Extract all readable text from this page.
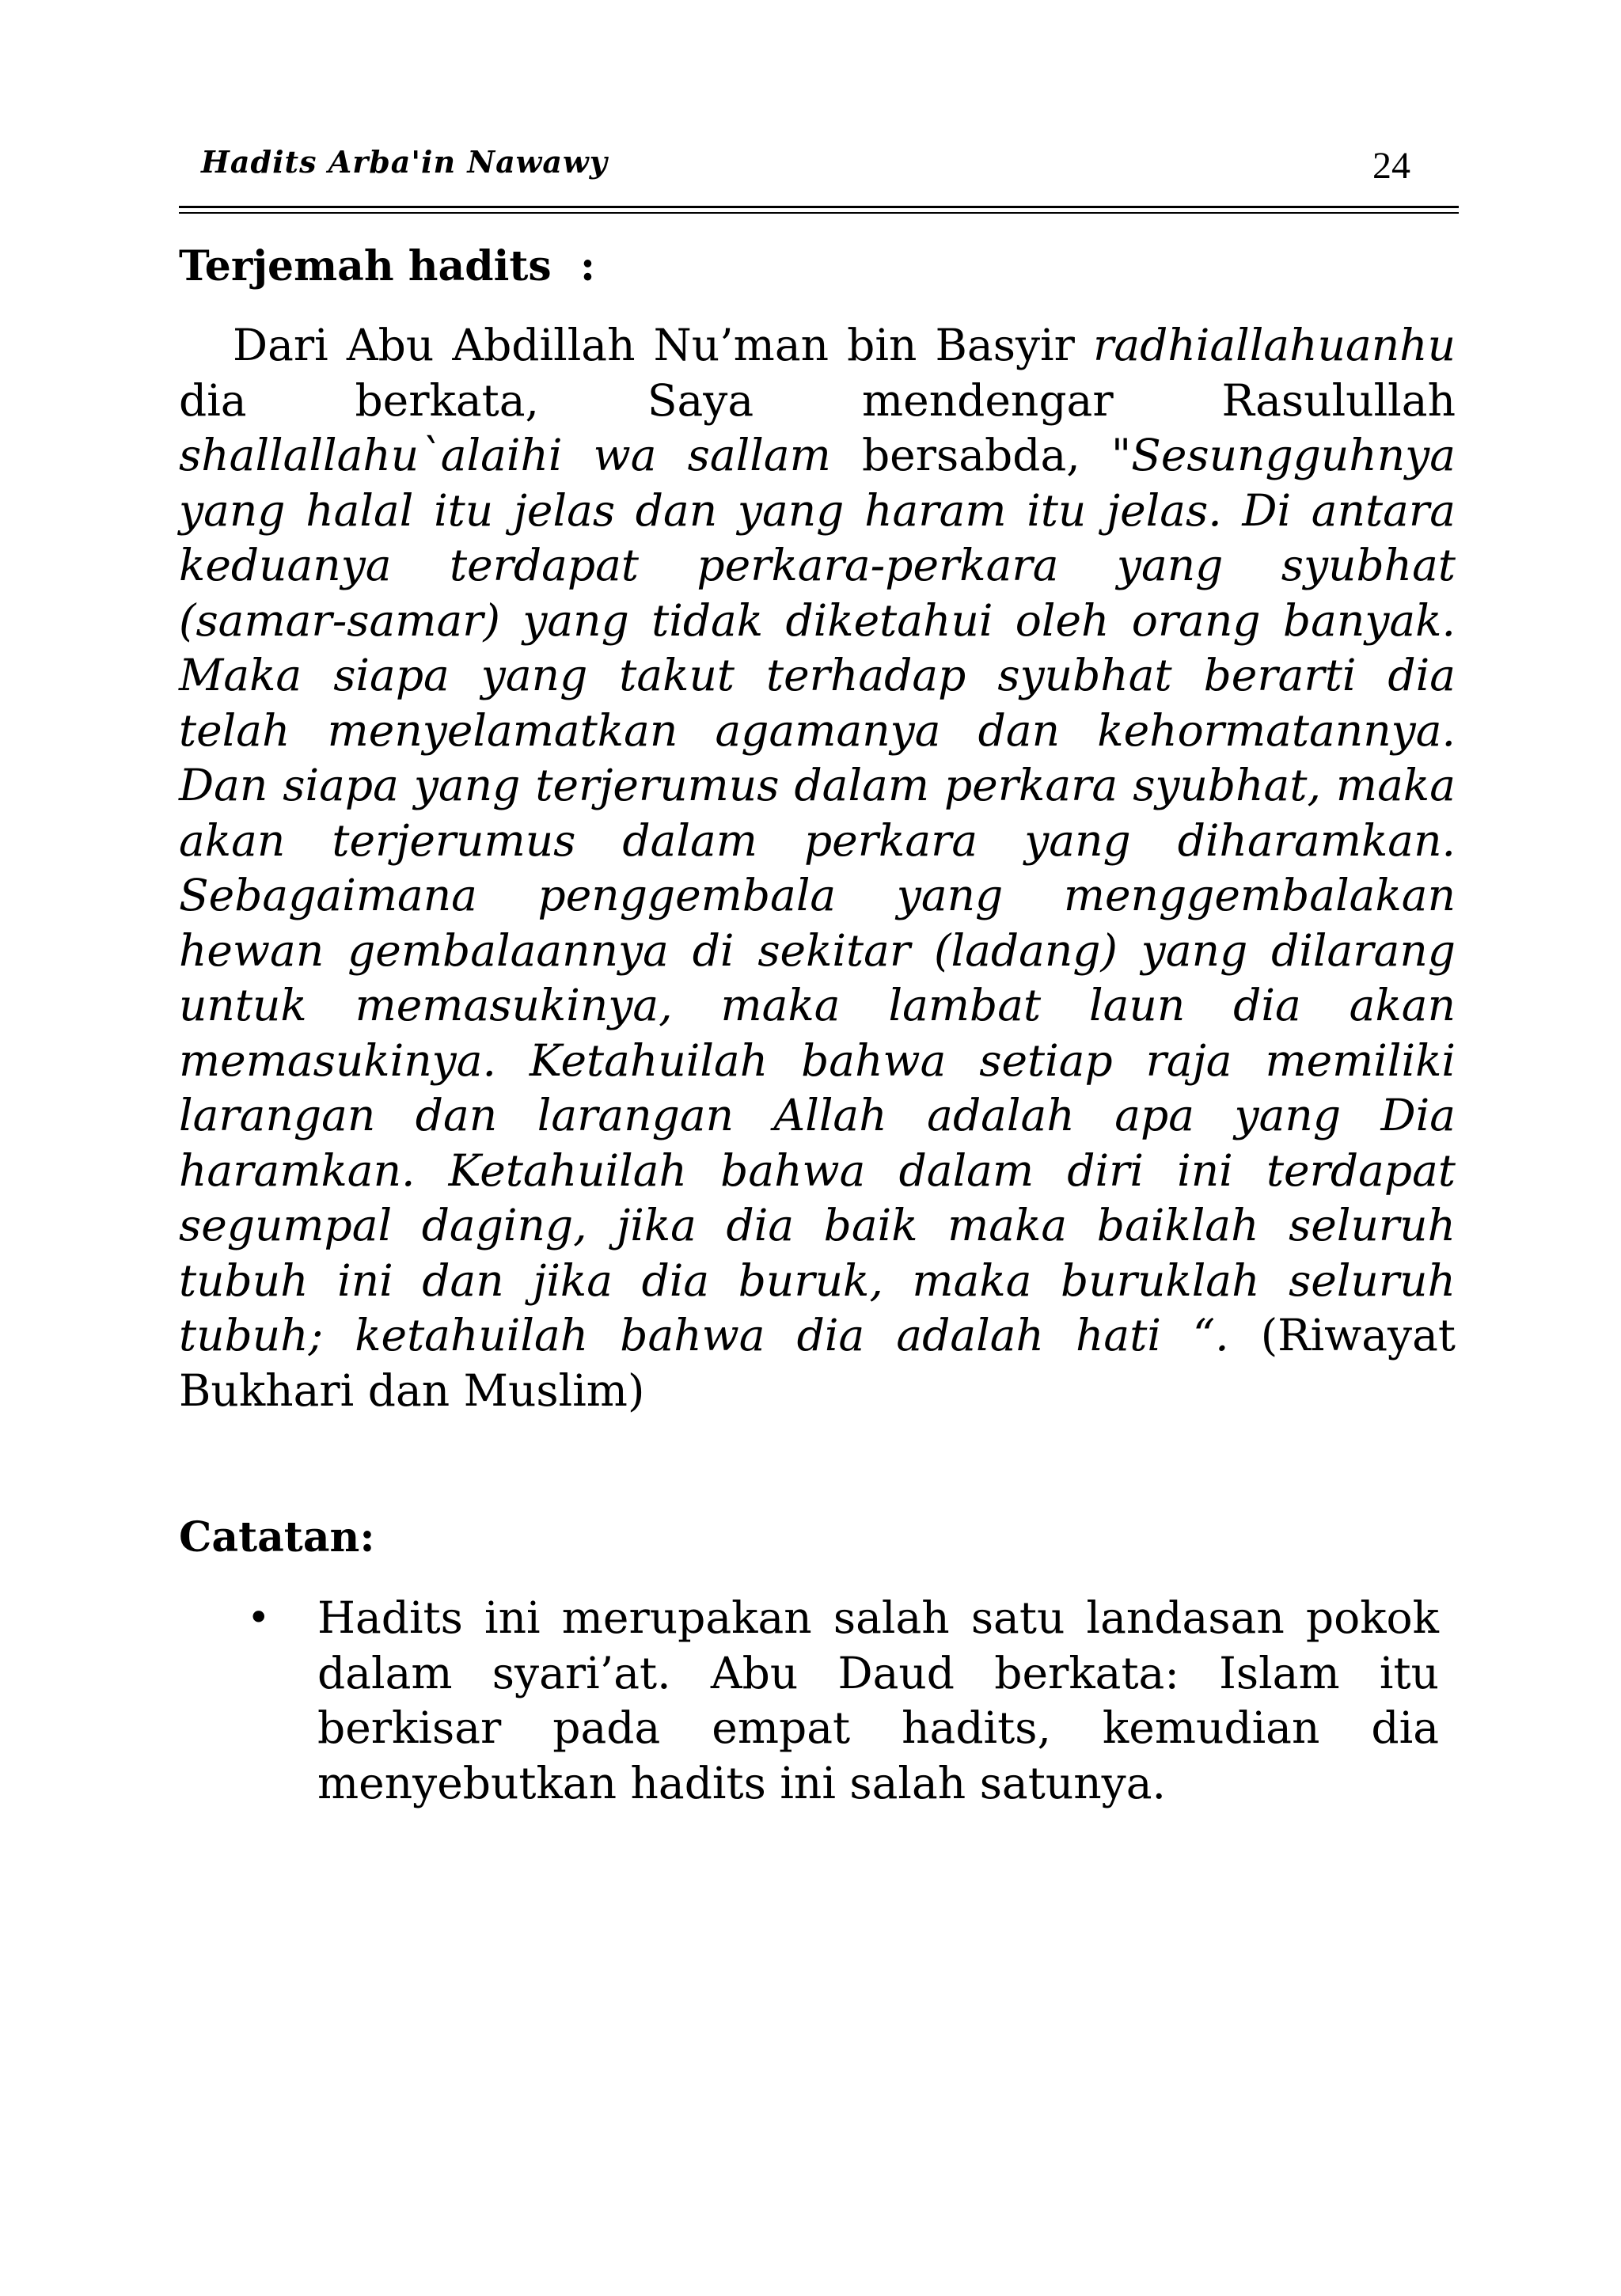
Hadits Arba'in Nawawy	24
Terjemah hadits  :

Dari Abu Abdillah Nu’man bin Basyir radhiallahuanhu dia berkata, Saya mendengar Rasulullah shallallahu`alaihi wa sallam bersabda, "Sesungguhnya yang halal itu jelas dan yang haram itu jelas. Di antara keduanya terdapat perkara-perkara yang syubhat (samar-samar) yang tidak diketahui oleh orang banyak. Maka siapa yang takut terhadap syubhat berarti dia telah menyelamatkan agamanya dan kehormatannya. Dan siapa yang terjerumus dalam perkara syubhat, maka akan terjerumus dalam perkara yang diharamkan. Sebagaimana penggembala yang menggembalakan hewan gembalaannya di sekitar (ladang) yang dilarang untuk memasukinya, maka lambat laun dia akan memasukinya. Ketahuilah bahwa setiap raja memiliki larangan dan larangan Allah adalah apa yang Dia haramkan. Ketahuilah bahwa dalam diri ini terdapat segumpal daging, jika dia baik maka baiklah seluruh tubuh ini dan jika dia buruk, maka buruklah seluruh tubuh; ketahuilah bahwa dia adalah hati “. (Riwayat Bukhari dan Muslim)

Catatan:
• Hadits ini merupakan salah satu landasan pokok dalam syari’at. Abu Daud berkata: Islam itu berkisar pada empat hadits, kemudian dia menyebutkan hadits ini salah satunya.
